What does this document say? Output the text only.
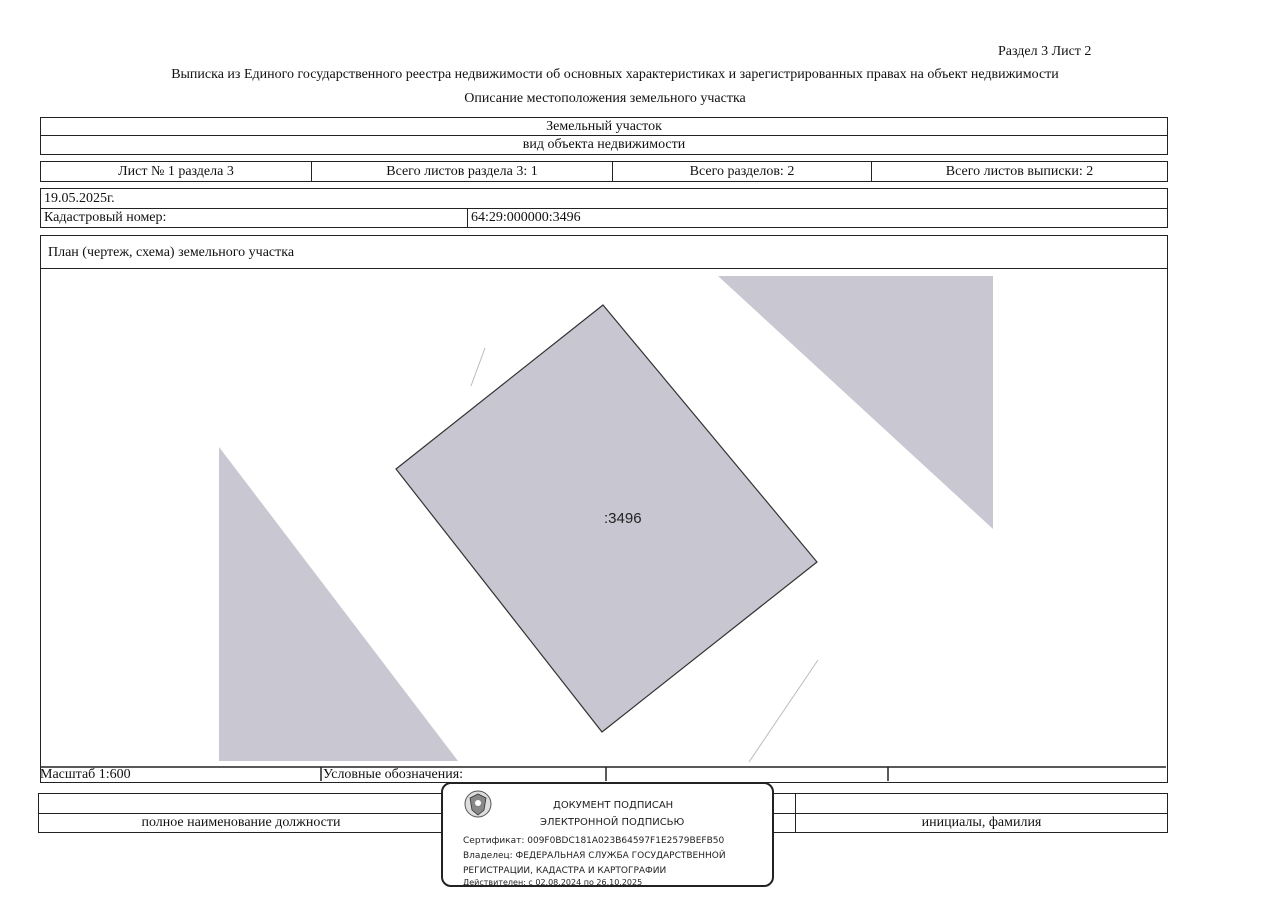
Раздел 3 Лист 2
Выписка из Единого государственного реестра недвижимости об основных характеристиках и зарегистрированных правах на объект недвижимости
Описание местоположения земельного участка
Земельный участок
вид объекта недвижимости
Лист № 1 раздела 3	Всего листов раздела 3: 1	Всего разделов: 2	Всего листов выписки: 2
19.05.2025г.
Кадастровый номер:	64:29:000000:3496
План (чертеж, схема) земельного участка
:3496
Масштаб 1:600	Условные обозначения:
полное наименование должности	инициалы, фамилия
ДОКУМЕНТ ПОДПИСАН
ЭЛЕКТРОННОЙ ПОДПИСЬЮ
Сертификат: 009F0BDC181A023B64597F1E2579BEFB50
Владелец: ФЕДЕРАЛЬНАЯ СЛУЖБА ГОСУДАРСТВЕННОЙ
РЕГИСТРАЦИИ, КАДАСТРА И КАРТОГРАФИИ
Действителен: с 02.08.2024 по 26.10.2025
